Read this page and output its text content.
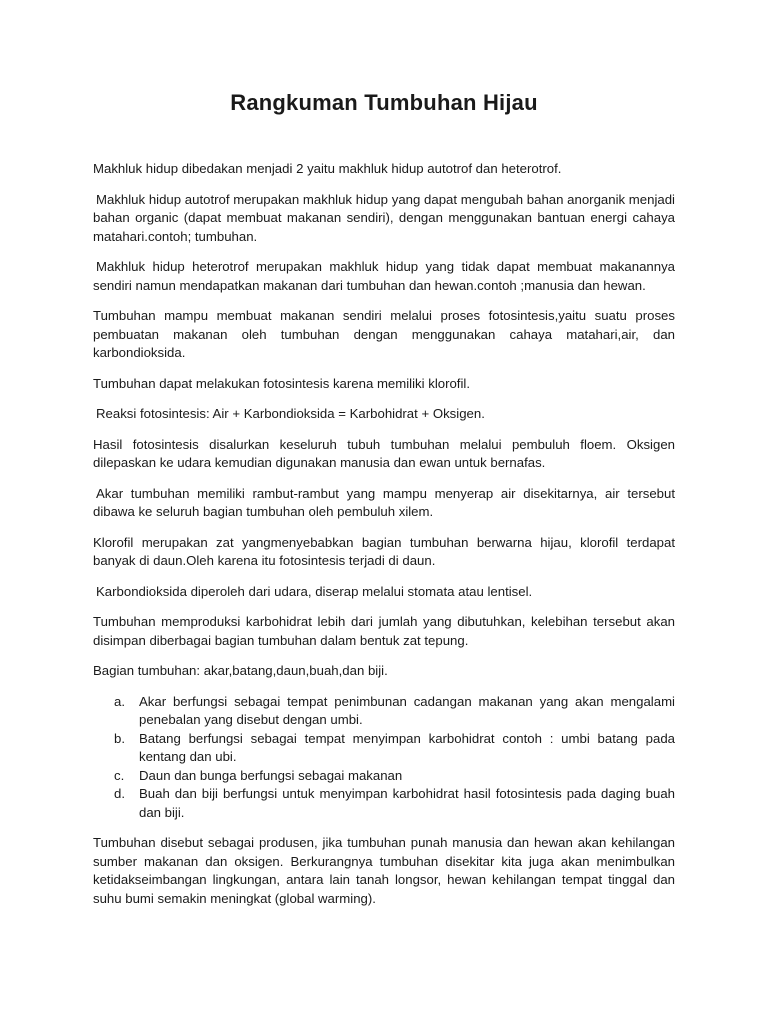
Rangkuman Tumbuhan Hijau

Makhluk hidup dibedakan menjadi 2 yaitu makhluk hidup autotrof dan heterotrof.

Makhluk hidup autotrof merupakan makhluk hidup yang dapat mengubah bahan anorganik menjadi bahan organic (dapat membuat makanan sendiri), dengan menggunakan bantuan energi cahaya matahari.contoh; tumbuhan.

Makhluk hidup heterotrof merupakan makhluk hidup yang tidak dapat membuat makanannya sendiri namun mendapatkan makanan dari tumbuhan dan hewan.contoh ;manusia dan hewan.

Tumbuhan mampu membuat makanan sendiri melalui proses fotosintesis,yaitu suatu proses pembuatan makanan oleh tumbuhan dengan menggunakan cahaya matahari,air, dan karbondioksida.

Tumbuhan dapat melakukan fotosintesis karena memiliki klorofil.

Reaksi fotosintesis: Air + Karbondioksida = Karbohidrat + Oksigen.

Hasil fotosintesis disalurkan keseluruh tubuh tumbuhan melalui pembuluh floem. Oksigen dilepaskan ke udara kemudian digunakan manusia dan ewan untuk bernafas.

Akar tumbuhan memiliki rambut-rambut yang mampu menyerap air disekitarnya, air tersebut dibawa ke seluruh bagian tumbuhan oleh pembuluh xilem.

Klorofil merupakan zat yangmenyebabkan bagian tumbuhan berwarna hijau, klorofil terdapat banyak di daun.Oleh karena itu fotosintesis terjadi di daun.

Karbondioksida diperoleh dari udara, diserap melalui stomata atau lentisel.

Tumbuhan memproduksi karbohidrat lebih dari jumlah yang dibutuhkan, kelebihan tersebut akan disimpan diberbagai bagian tumbuhan dalam bentuk zat tepung.

Bagian tumbuhan: akar,batang,daun,buah,dan biji.

a. Akar berfungsi sebagai tempat penimbunan cadangan makanan yang akan mengalami penebalan yang disebut dengan umbi.
b. Batang berfungsi sebagai tempat menyimpan karbohidrat contoh : umbi batang pada kentang dan ubi.
c. Daun dan bunga berfungsi sebagai makanan
d. Buah dan biji berfungsi untuk menyimpan karbohidrat hasil fotosintesis pada daging buah dan biji.

Tumbuhan disebut sebagai produsen, jika tumbuhan punah manusia dan hewan akan kehilangan sumber makanan dan oksigen. Berkurangnya tumbuhan disekitar kita juga akan menimbulkan ketidakseimbangan lingkungan, antara lain tanah longsor, hewan kehilangan tempat tinggal dan suhu bumi semakin meningkat (global warming).
